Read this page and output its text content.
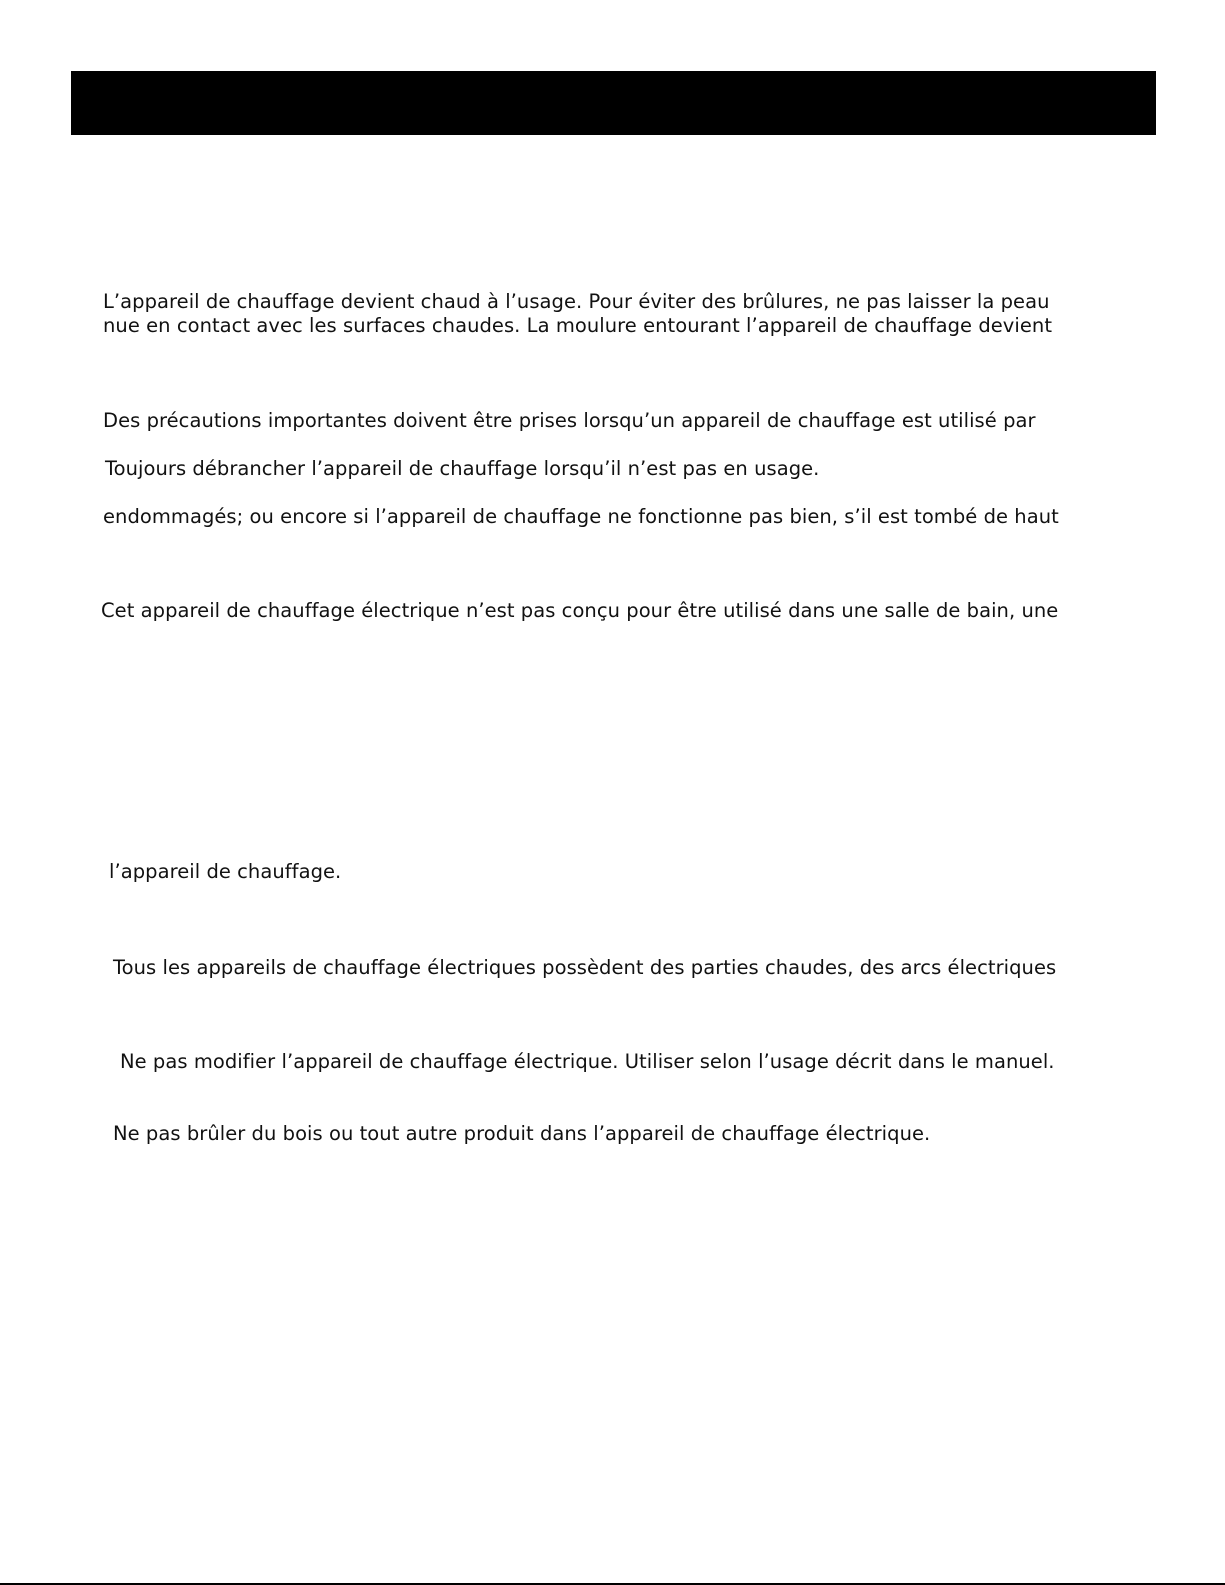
L’appareil de chauffage devient chaud à l’usage. Pour éviter des brûlures, ne pas laisser la peau
nue en contact avec les surfaces chaudes. La moulure entourant l’appareil de chauffage devient
Des précautions importantes doivent être prises lorsqu’un appareil de chauffage est utilisé par
Toujours débrancher l’appareil de chauffage lorsqu’il n’est pas en usage.
endommagés; ou encore si l’appareil de chauffage ne fonctionne pas bien, s’il est tombé de haut
Cet appareil de chauffage électrique n’est pas conçu pour être utilisé dans une salle de bain, une
l’appareil de chauffage.
Tous les appareils de chauffage électriques possèdent des parties chaudes, des arcs électriques
Ne pas modifier l’appareil de chauffage électrique. Utiliser selon l’usage décrit dans le manuel.
Ne pas brûler du bois ou tout autre produit dans l’appareil de chauffage électrique.
